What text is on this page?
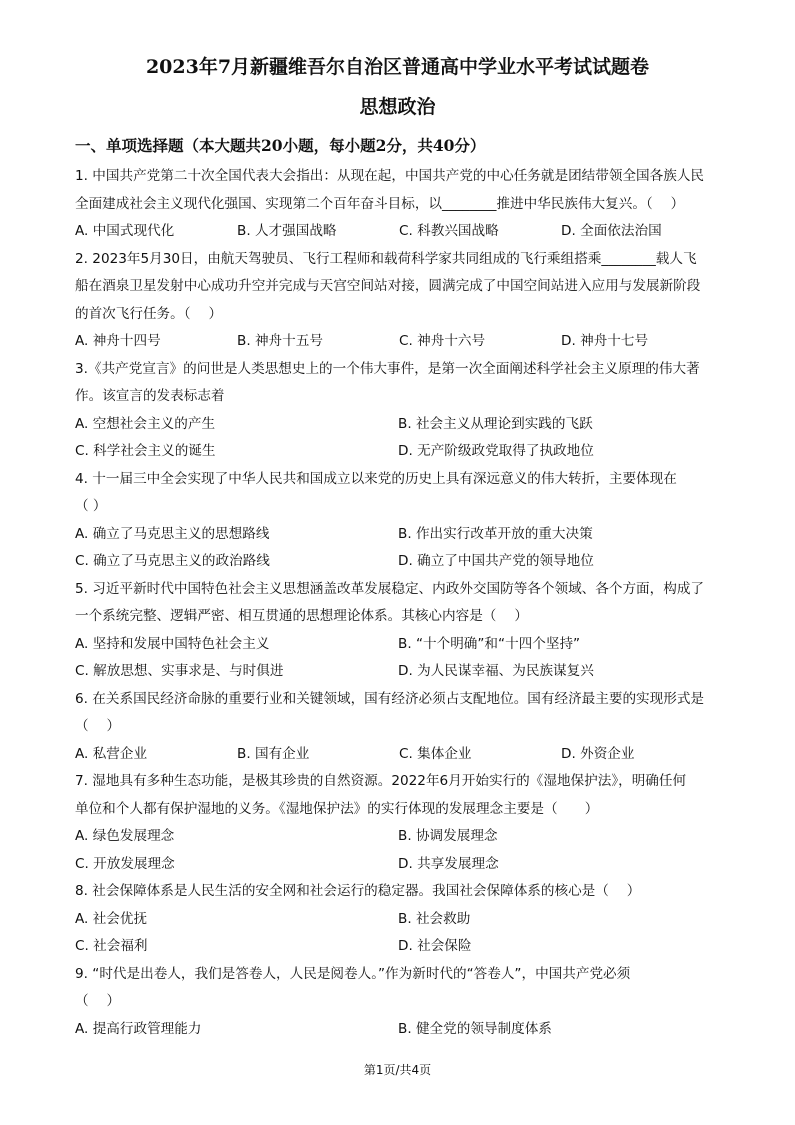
2023年7月新疆维吾尔自治区普通高中学业水平考试试题卷
思想政治
一、单项选择题（本大题共20小题，每小题2分，共40分）
1. 中国共产党第二十次全国代表大会指出：从现在起，中国共产党的中心任务就是团结带领全国各族人民
全面建成社会主义现代化强国、实现第二个百年奋斗目标，以________推进中华民族伟大复兴。（　 ）
A. 中国式现代化	B. 人才强国战略	C. 科教兴国战略	D. 全面依法治国
2. 2023年5月30日，由航天驾驶员、飞行工程师和载荷科学家共同组成的飞行乘组搭乘________载人飞
船在酒泉卫星发射中心成功升空并完成与天宫空间站对接，圆满完成了中国空间站进入应用与发展新阶段
的首次飞行任务。（　 ）
A. 神舟十四号	B. 神舟十五号	C. 神舟十六号	D. 神舟十七号
3.《共产党宣言》的问世是人类思想史上的一个伟大事件，是第一次全面阐述科学社会主义原理的伟大著
作。该宣言的发表标志着
A. 空想社会主义的产生	B. 社会主义从理论到实践的飞跃
C. 科学社会主义的诞生	D. 无产阶级政党取得了执政地位
4. 十一届三中全会实现了中华人民共和国成立以来党的历史上具有深远意义的伟大转折，主要体现在
（ ）
A. 确立了马克思主义的思想路线	B. 作出实行改革开放的重大决策
C. 确立了马克思主义的政治路线	D. 确立了中国共产党的领导地位
5. 习近平新时代中国特色社会主义思想涵盖改革发展稳定、内政外交国防等各个领域、各个方面，构成了
一个系统完整、逻辑严密、相互贯通的思想理论体系。其核心内容是（　 ）
A. 坚持和发展中国特色社会主义	B. “十个明确”和“十四个坚持”
C. 解放思想、实事求是、与时俱进	D. 为人民谋幸福、为民族谋复兴
6. 在关系国民经济命脉的重要行业和关键领域，国有经济必须占支配地位。国有经济最主要的实现形式是
（　 ）
A. 私营企业	B. 国有企业	C. 集体企业	D. 外资企业
7. 湿地具有多种生态功能，是极其珍贵的自然资源。2022年6月开始实行的《湿地保护法》，明确任何
单位和个人都有保护湿地的义务。《湿地保护法》的实行体现的发展理念主要是（　　）
A. 绿色发展理念	B. 协调发展理念
C. 开放发展理念	D. 共享发展理念
8. 社会保障体系是人民生活的安全网和社会运行的稳定器。我国社会保障体系的核心是（　 ）
A. 社会优抚	B. 社会救助
C. 社会福利	D. 社会保险
9. “时代是出卷人，我们是答卷人，人民是阅卷人。”作为新时代的“答卷人”，中国共产党必须
（　 ）
A. 提高行政管理能力	B. 健全党的领导制度体系
第1页/共4页
